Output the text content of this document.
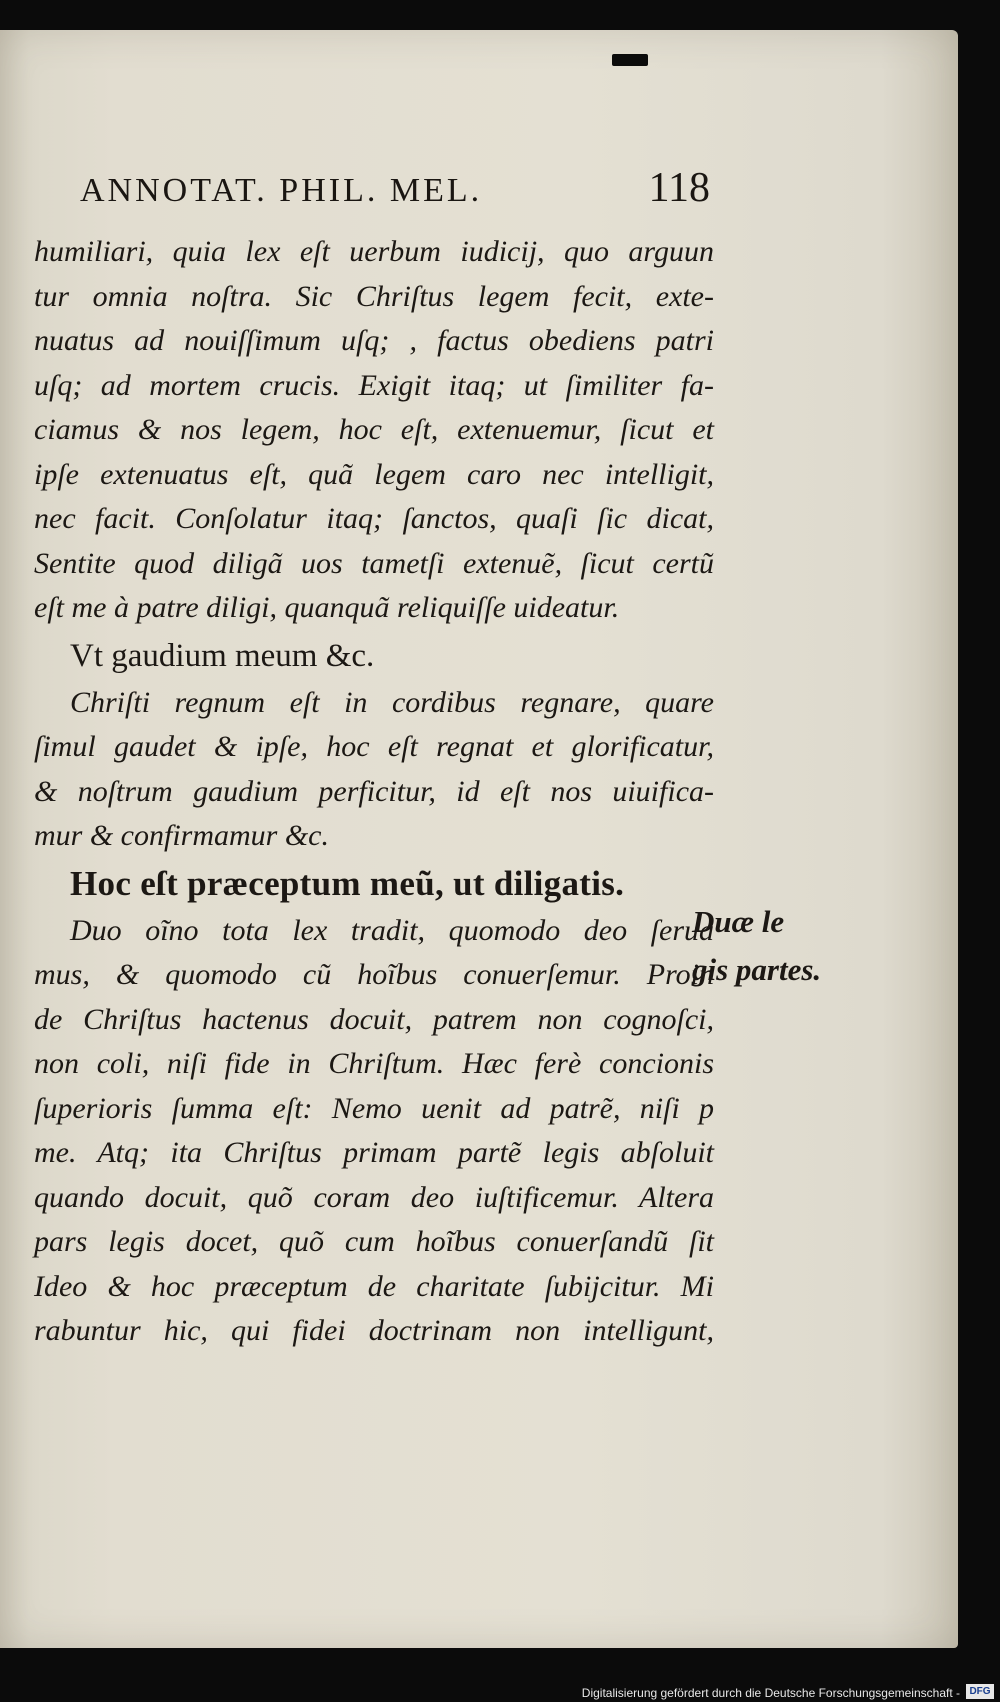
ANNOTAT. PHIL. MEL.	118
humiliari, quia lex eſt uerbum iudicij, quo arguun
tur omnia noſtra. Sic Chriſtus legem fecit, exte-
nuatus ad nouiſſimum uſq; , factus obediens patri
uſq; ad mortem crucis. Exigit itaq; ut ſimiliter fa-
ciamus & nos legem, hoc eſt, extenuemur, ſicut et
ipſe extenuatus eſt, quã legem caro nec intelligit,
nec facit. Conſolatur itaq; ſanctos, quaſi ſic dicat,
Sentite quod diligã uos tametſi extenuẽ, ſicut certũ
eſt me à patre diligi, quanquã reliquiſſe uideatur.
Vt gaudium meum &c.
Chriſti regnum eſt in cordibus regnare, quare
ſimul gaudet & ipſe, hoc eſt regnat et glorificatur,
& noſtrum gaudium perficitur, id eſt nos uiuifica-
mur & confirmamur &c.
Hoc eſt præceptum meũ, ut diligatis.
Duo oĩno tota lex tradit, quomodo deo ſerua
mus, & quomodo cũ hoĩbus conuerſemur. Proin
de Chriſtus hactenus docuit, patrem non cognoſci,
non coli, niſi fide in Chriſtum. Hæc ferè concionis
ſuperioris ſumma eſt: Nemo uenit ad patrẽ, niſi p
me. Atq; ita Chriſtus primam partẽ legis abſoluit
quando docuit, quõ coram deo iuſtificemur. Altera
pars legis docet, quõ cum hoĩbus conuerſandũ ſit
Ideo & hoc præceptum de charitate ſubijcitur. Mi
rabuntur hic, qui fidei doctrinam non intelligunt,
Duæ le
gis partes.
Digitalisierung gefördert durch die Deutsche Forschungsgemeinschaft - DFG
